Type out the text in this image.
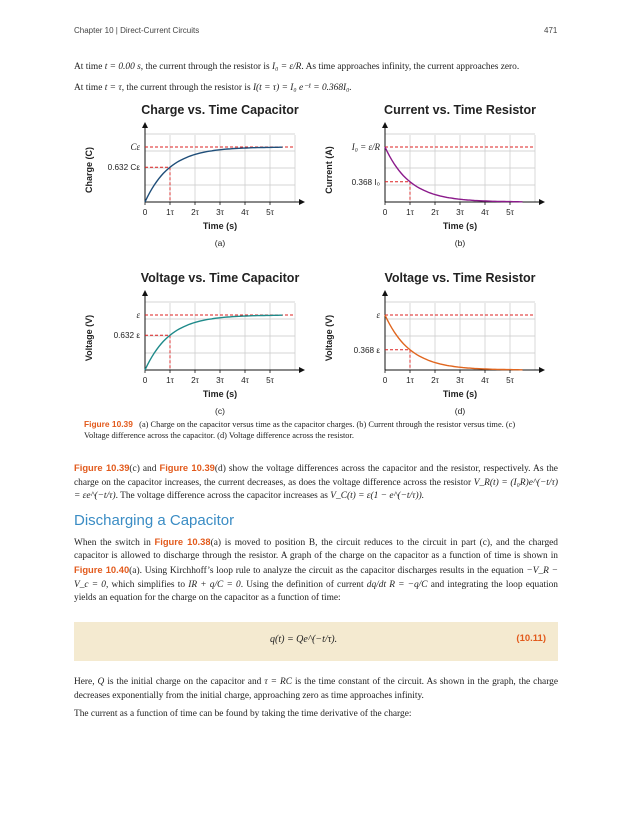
Chapter 10 | Direct-Current Circuits	471
At time t = 0.00 s, the current through the resistor is I₀ = ε/R. As time approaches infinity, the current approaches zero.
At time t = τ, the current through the resistor is I(t = τ) = I₀ e⁻¹ = 0.368I₀.
Charge vs. Time Capacitor
0 1τ 2τ 3τ 4τ 5τ
Cε
0.632 Cε
Time (s)
Charge (C)
(a)
Current vs. Time Resistor
0 1τ 2τ 3τ 4τ 5τ
I₀ = ε/R
0.368 I₀
Time (s)
Current (A)
(b)
Voltage vs. Time Capacitor
0 1τ 2τ 3τ 4τ 5τ
ε
0.632 ε
Time (s)
Voltage (V)
(c)
Voltage vs. Time Resistor
0 1τ 2τ 3τ 4τ 5τ
ε
0.368 ε
Time (s)
Voltage (V)
(d)
Figure 10.39 (a) Charge on the capacitor versus time as the capacitor charges. (b) Current through the resistor versus time. (c) Voltage difference across the capacitor. (d) Voltage difference across the resistor.
Figure 10.39(c) and Figure 10.39(d) show the voltage differences across the capacitor and the resistor, respectively. As the charge on the capacitor increases, the current decreases, as does the voltage difference across the resistor V_R(t) = (I₀R)e^(−t/τ) = εe^(−t/τ). The voltage difference across the capacitor increases as V_C(t) = ε(1 − e^(−t/τ)).
Discharging a Capacitor
When the switch in Figure 10.38(a) is moved to position B, the circuit reduces to the circuit in part (c), and the charged capacitor is allowed to discharge through the resistor. A graph of the charge on the capacitor as a function of time is shown in Figure 10.40(a). Using Kirchhoff’s loop rule to analyze the circuit as the capacitor discharges results in the equation −V_R − V_c = 0, which simplifies to IR + q/C = 0. Using the definition of current dq/dt R = −q/C and integrating the loop equation yields an equation for the charge on the capacitor as a function of time:
q(t) = Qe^(−t/τ).	(10.11)
Here, Q is the initial charge on the capacitor and τ = RC is the time constant of the circuit. As shown in the graph, the charge decreases exponentially from the initial charge, approaching zero as time approaches infinity.
The current as a function of time can be found by taking the time derivative of the charge:
